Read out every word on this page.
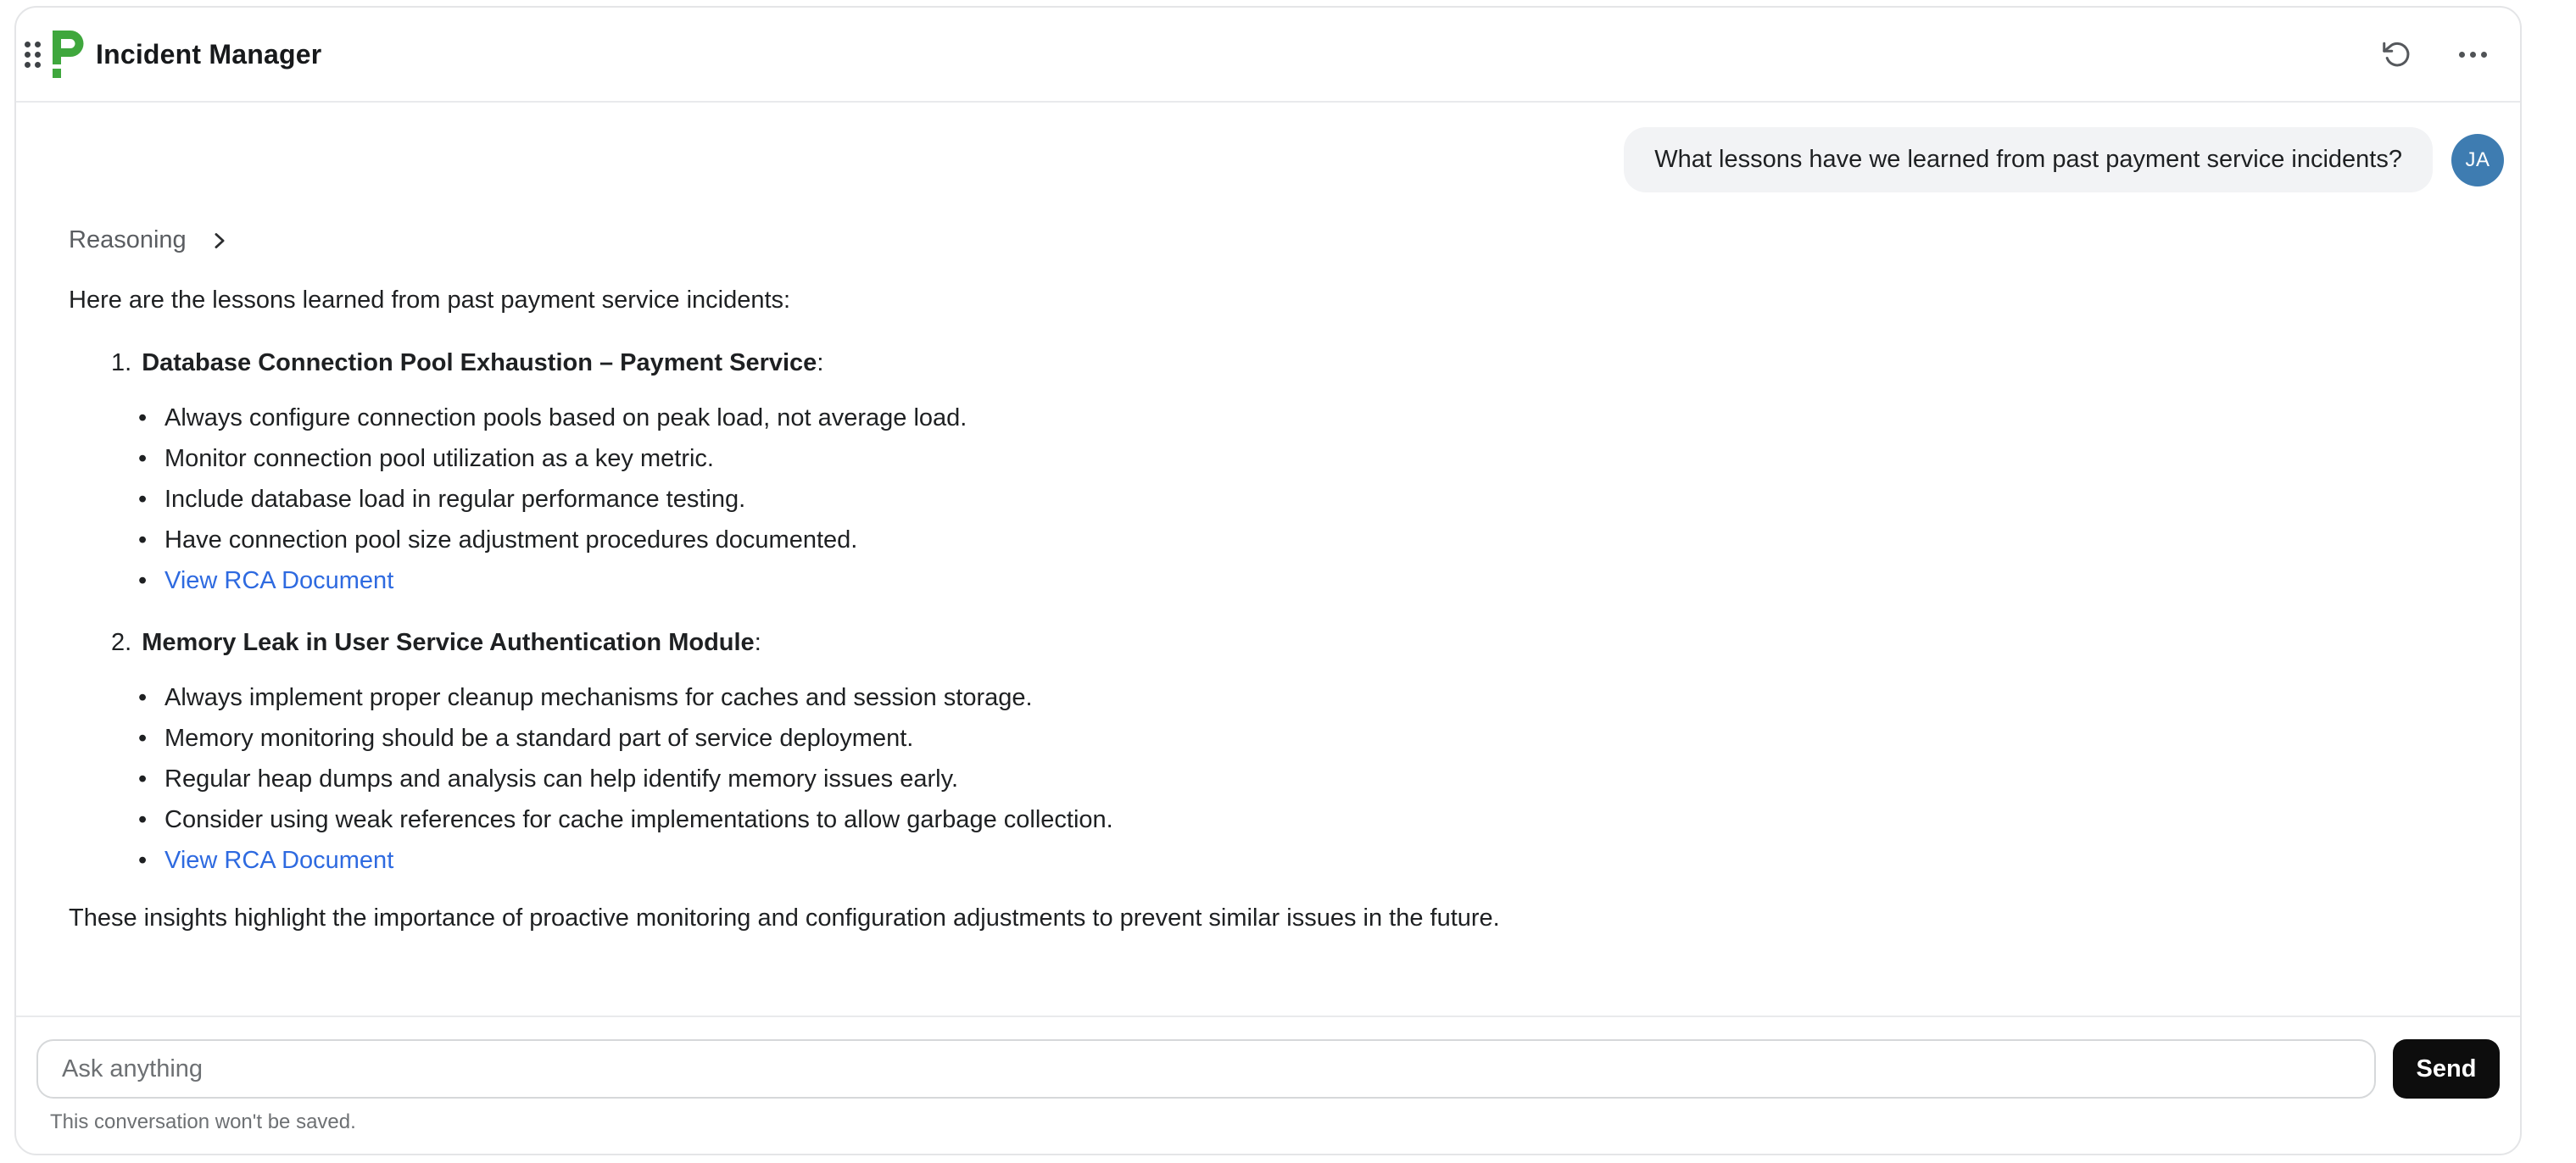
Incident Manager
What lessons have we learned from past payment service incidents?	JA
Reasoning

Here are the lessons learned from past payment service incidents:

1. Database Connection Pool Exhaustion – Payment Service:
• Always configure connection pools based on peak load, not average load.
• Monitor connection pool utilization as a key metric.
• Include database load in regular performance testing.
• Have connection pool size adjustment procedures documented.
• View RCA Document
2. Memory Leak in User Service Authentication Module:
• Always implement proper cleanup mechanisms for caches and session storage.
• Memory monitoring should be a standard part of service deployment.
• Regular heap dumps and analysis can help identify memory issues early.
• Consider using weak references for cache implementations to allow garbage collection.
• View RCA Document

These insights highlight the importance of proactive monitoring and configuration adjustments to prevent similar issues in the future.

Ask anything
Send
This conversation won't be saved.
